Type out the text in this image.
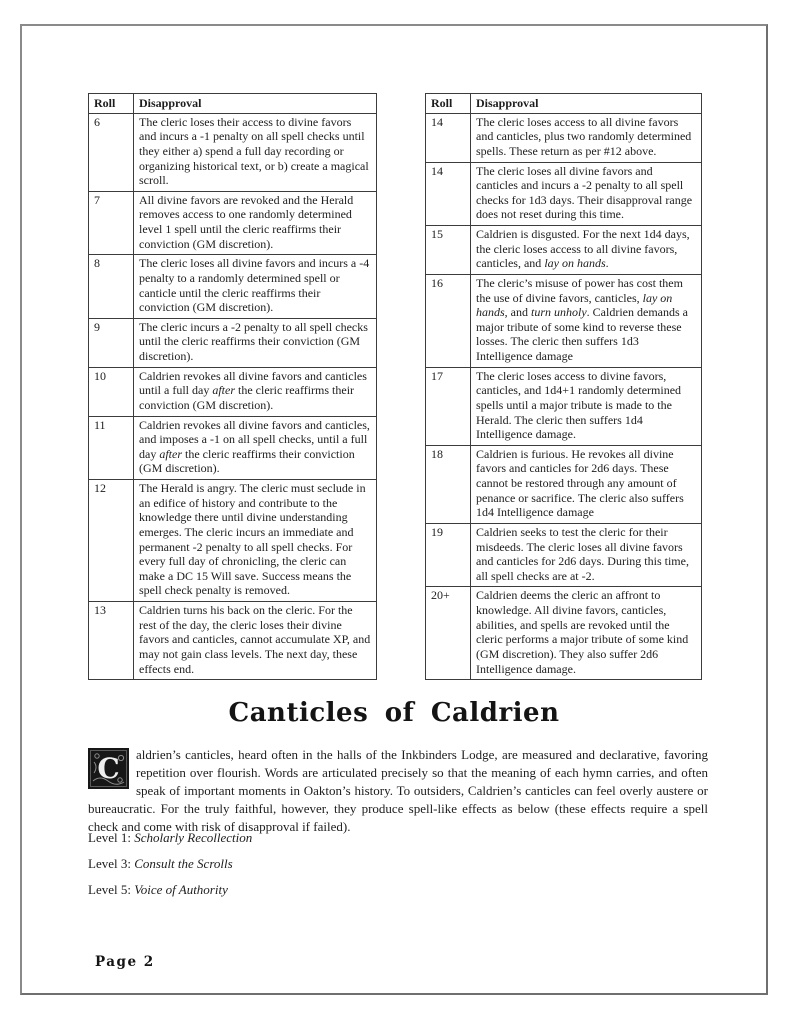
Roll	Disapproval
6	The cleric loses their access to divine favors and incurs a -1 penalty on all spell checks until they either a) spend a full day recording or organizing historical text, or b) create a magical scroll.
7	All divine favors are revoked and the Herald removes access to one randomly determined level 1 spell until the cleric reaffirms their conviction (GM discretion).
8	The cleric loses all divine favors and incurs a -4 penalty to a randomly determined spell or canticle until the cleric reaffirms their conviction (GM discretion).
9	The cleric incurs a -2 penalty to all spell checks until the cleric reaffirms their conviction (GM discretion).
10	Caldrien revokes all divine favors and canticles until a full day after the cleric reaffirms their conviction (GM discretion).
11	Caldrien revokes all divine favors and canticles, and imposes a -1 on all spell checks, until a full day after the cleric reaffirms their conviction (GM discretion).
12	The Herald is angry. The cleric must seclude in an edifice of history and contribute to the knowledge there until divine understanding emerges. The cleric incurs an immediate and permanent -2 penalty to all spell checks. For every full day of chronicling, the cleric can make a DC 15 Will save. Success means the spell check penalty is removed.
13	Caldrien turns his back on the cleric. For the rest of the day, the cleric loses their divine favors and canticles, cannot accumulate XP, and may not gain class levels. The next day, these effects end.
Roll	Disapproval
14	The cleric loses access to all divine favors and canticles, plus two randomly determined spells. These return as per #12 above.
14	The cleric loses all divine favors and canticles and incurs a -2 penalty to all spell checks for 1d3 days. Their disapproval range does not reset during this time.
15	Caldrien is disgusted. For the next 1d4 days, the cleric loses access to all divine favors, canticles, and lay on hands.
16	The cleric’s misuse of power has cost them the use of divine favors, canticles, lay on hands, and turn unholy. Caldrien demands a major tribute of some kind to reverse these losses. The cleric then suffers 1d3 Intelligence damage
17	The cleric loses access to divine favors, canticles, and 1d4+1 randomly determined spells until a major tribute is made to the Herald. The cleric then suffers 1d4 Intelligence damage.
18	Caldrien is furious. He revokes all divine favors and canticles for 2d6 days. These cannot be restored through any amount of penance or sacrifice. The cleric also suffers 1d4 Intelligence damage
19	Caldrien seeks to test the cleric for their misdeeds. The cleric loses all divine favors and canticles for 2d6 days. During this time, all spell checks are at -2.
20+	Caldrien deems the cleric an affront to knowledge. All divine favors, canticles, abilities, and spells are revoked until the cleric performs a major tribute of some kind (GM discretion). They also suffer 2d6 Intelligence damage.
Canticles of Caldrien
C aldrien’s canticles, heard often in the halls of the Inkbinders Lodge, are measured and declarative, favoring repetition over flourish. Words are articulated precisely so that the meaning of each hymn carries, and often speak of important moments in Oakton’s history. To outsiders, Caldrien’s canticles can feel overly austere or bureaucratic. For the truly faithful, however, they produce spell-like effects as below (these effects require a spell check and come with risk of disapproval if failed).
Level 1: Scholarly Recollection
Level 3: Consult the Scrolls
Level 5: Voice of Authority
Page 2
